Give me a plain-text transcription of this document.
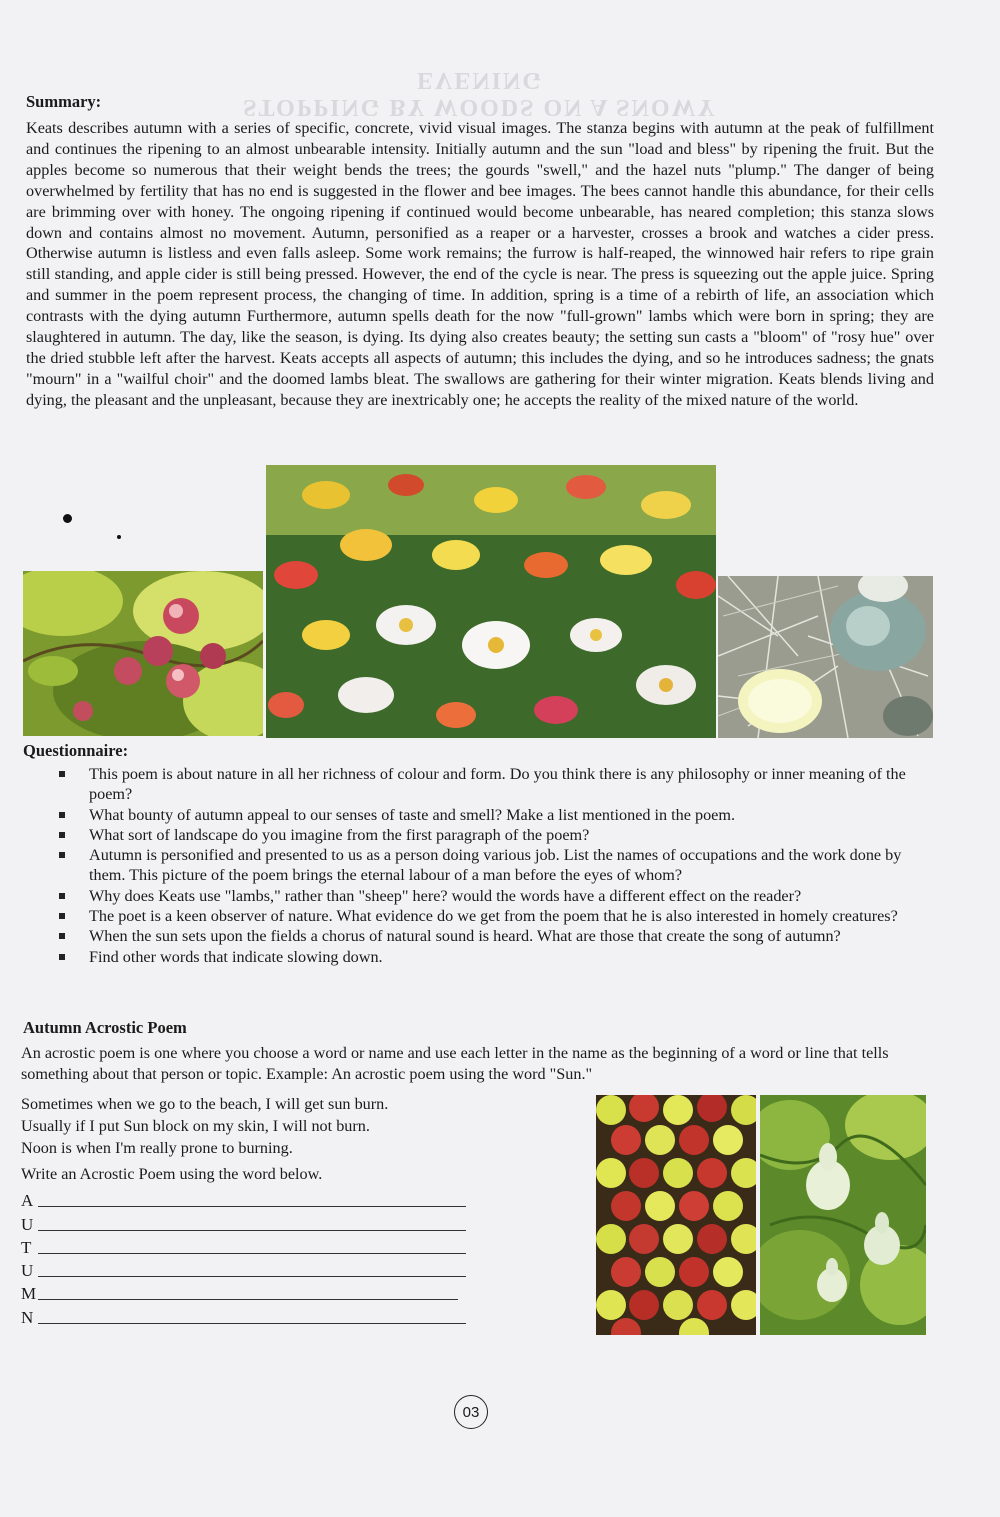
STOPPING BY WOODS ON A SNOWY EVENING
Summary:

Keats describes autumn with a series of specific, concrete, vivid visual images. The stanza begins with autumn at the peak of fulfillment and continues the ripening to an almost unbearable intensity. Initially autumn and the sun "load and bless" by ripening the fruit. But the apples become so numerous that their weight bends the trees; the gourds "swell," and the hazel nuts "plump." The danger of being overwhelmed by fertility that has no end is suggested in the flower and bee images. The bees cannot handle this abundance, for their cells are brimming over with honey. The ongoing ripening if continued would become unbearable, has neared completion; this stanza slows down and contains almost no movement. Autumn, personified as a reaper or a harvester, crosses a brook and watches a cider press. Otherwise autumn is listless and even falls asleep. Some work remains; the furrow is half-reaped, the winnowed hair refers to ripe grain still standing, and apple cider is still being pressed. However, the end of the cycle is near. The press is squeezing out the apple juice. Spring and summer in the poem represent process, the changing of time. In addition, spring is a time of a rebirth of life, an association which contrasts with the dying autumn Furthermore, autumn spells death for the now "full-grown" lambs which were born in spring; they are slaughtered in autumn. The day, like the season, is dying. Its dying also creates beauty; the setting sun casts a "bloom" of "rosy hue" over the dried stubble left after the harvest. Keats accepts all aspects of autumn; this includes the dying, and so he introduces sadness; the gnats "mourn" in a "wailful choir" and the doomed lambs bleat. The swallows are gathering for their winter migration. Keats blends living and dying, the pleasant and the unpleasant, because they are inextricably one; he accepts the reality of the mixed nature of the world.

Questionnaire:
This poem is about nature in all her richness of colour and form. Do you think there is any philosophy or inner meaning of the poem?
What bounty of autumn appeal to our senses of taste and smell? Make a list mentioned in the poem.
What sort of landscape do you imagine from the first paragraph of the poem?
Autumn is personified and presented to us as a person doing various job. List the names of occupations and the work done by them. This picture of the poem brings the eternal labour of a man before the eyes of whom?
Why does Keats use "lambs," rather than "sheep" here? would the words have a different effect on the reader?
The poet is a keen observer of nature. What evidence do we get from the poem that he is also interested in homely creatures?
When the sun sets upon the fields a chorus of natural sound is heard. What are those that create the song of autumn?
Find other words that indicate slowing down.
Autumn Acrostic Poem

An acrostic poem is one where you choose a word or name and use each letter in the name as the beginning of a word or line that tells something about that person or topic. Example: An acrostic poem using the word "Sun."

Sometimes when we go to the beach, I will get sun burn.
Usually if I put Sun block on my skin, I will not burn.
Noon is when I'm really prone to burning.

Write an Acrostic Poem using the word below.

A
U
T
U
M
N
03
